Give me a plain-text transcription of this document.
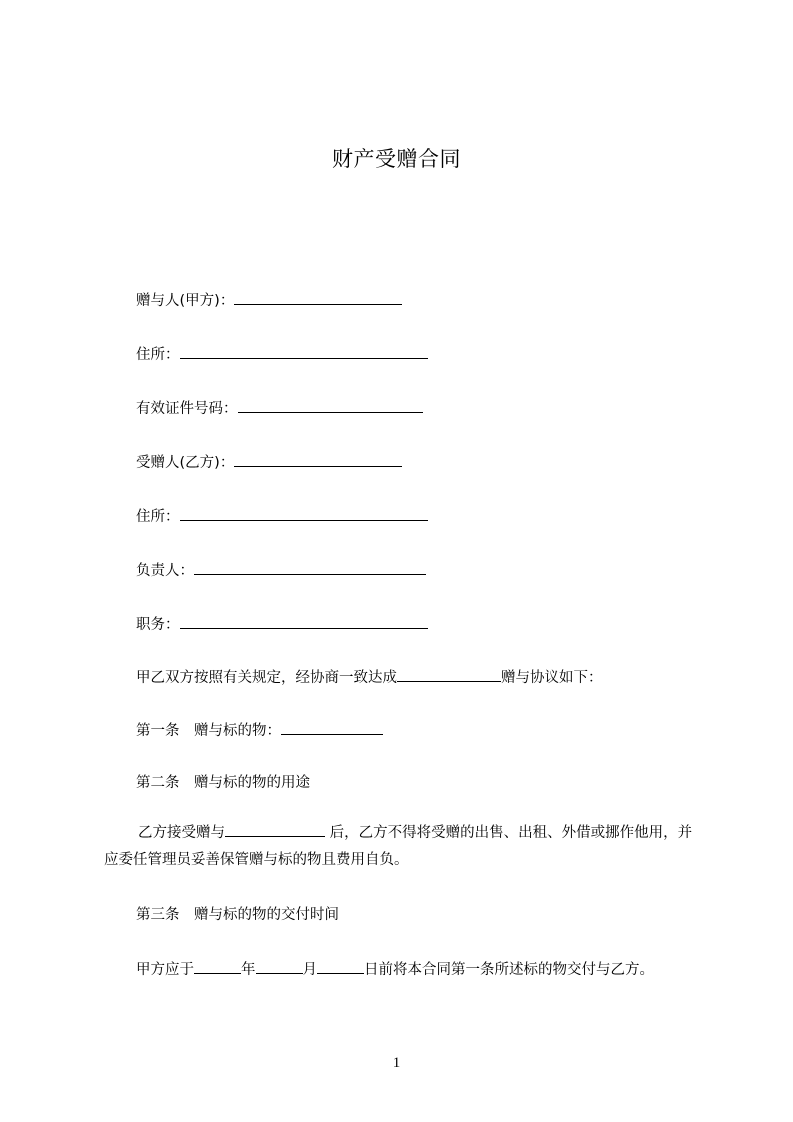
财产受赠合同
赠与人(甲方)：
住所：
有效证件号码：
受赠人(乙方)：
住所：
负责人：
职务：
甲乙双方按照有关规定，经协商一致达成	赠与协议如下：
第一条　赠与标的物：
第二条　赠与标的物的用途
乙方接受赠与	后，乙方不得将受赠的出售、出租、外借或挪作他用，并应委任管理员妥善保管赠与标的物且费用自负。
第三条　赠与标的物的交付时间
甲方应于	年	月	日前将本合同第一条所述标的物交付与乙方。
1
